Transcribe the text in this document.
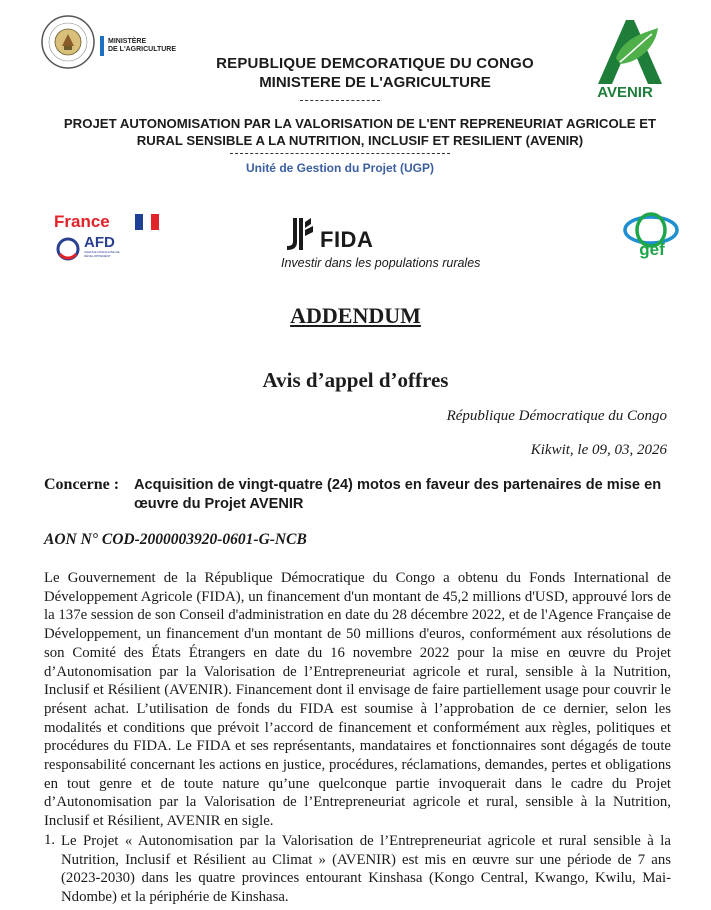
MINISTÈRE
DE L'AGRICULTURE
REPUBLIQUE DEMCORATIQUE DU CONGO
MINISTERE DE L'AGRICULTURE
PROJET AUTONOMISATION PAR LA VALORISATION DE L'ENT REPRENEURIAT AGRICOLE ET
RURAL SENSIBLE A LA NUTRITION, INCLUSIF ET RESILIENT (AVENIR)
Unité de Gestion du Projet (UGP)
AVENIR
France
AFD
AGENCE FRANÇAISE DE DÉVELOPPEMENT
FIDA
Investir dans les populations rurales
gef
ADDENDUM
Avis d’appel d’offres
République Démocratique du Congo
Kikwit, le 09, 03, 2026
Concerne : Acquisition de vingt-quatre (24) motos en faveur des partenaires de mise en œuvre du Projet AVENIR
AON N° COD-2000003920-0601-G-NCB
Le Gouvernement de la République Démocratique du Congo a obtenu du Fonds International de Développement Agricole (FIDA), un financement d'un montant de 45,2 millions d'USD, approuvé lors de la 137e session de son Conseil d'administration en date du 28 décembre 2022, et de l'Agence Française de Développement, un financement d'un montant de 50 millions d'euros, conformément aux résolutions de son Comité des États Étrangers en date du 16 novembre 2022 pour la mise en œuvre du Projet d’Autonomisation par la Valorisation de l’Entrepreneuriat agricole et rural, sensible à la Nutrition, Inclusif et Résilient (AVENIR). Financement dont il envisage de faire partiellement usage pour couvrir le présent achat. L’utilisation de fonds du FIDA est soumise à l’approbation de ce dernier, selon les modalités et conditions que prévoit l’accord de financement et conformément aux règles, politiques et procédures du FIDA. Le FIDA et ses représentants, mandataires et fonctionnaires sont dégagés de toute responsabilité concernant les actions en justice, procédures, réclamations, demandes, pertes et obligations en tout genre et de toute nature qu’une quelconque partie invoquerait dans le cadre du Projet d’Autonomisation par la Valorisation de l’Entrepreneuriat agricole et rural, sensible à la Nutrition, Inclusif et Résilient, AVENIR en sigle.
1. Le Projet « Autonomisation par la Valorisation de l’Entrepreneuriat agricole et rural sensible à la Nutrition, Inclusif et Résilient au Climat » (AVENIR) est mis en œuvre sur une période de 7 ans (2023-2030) dans les quatre provinces entourant Kinshasa (Kongo Central, Kwango, Kwilu, Mai-Ndombe) et la périphérie de Kinshasa.
